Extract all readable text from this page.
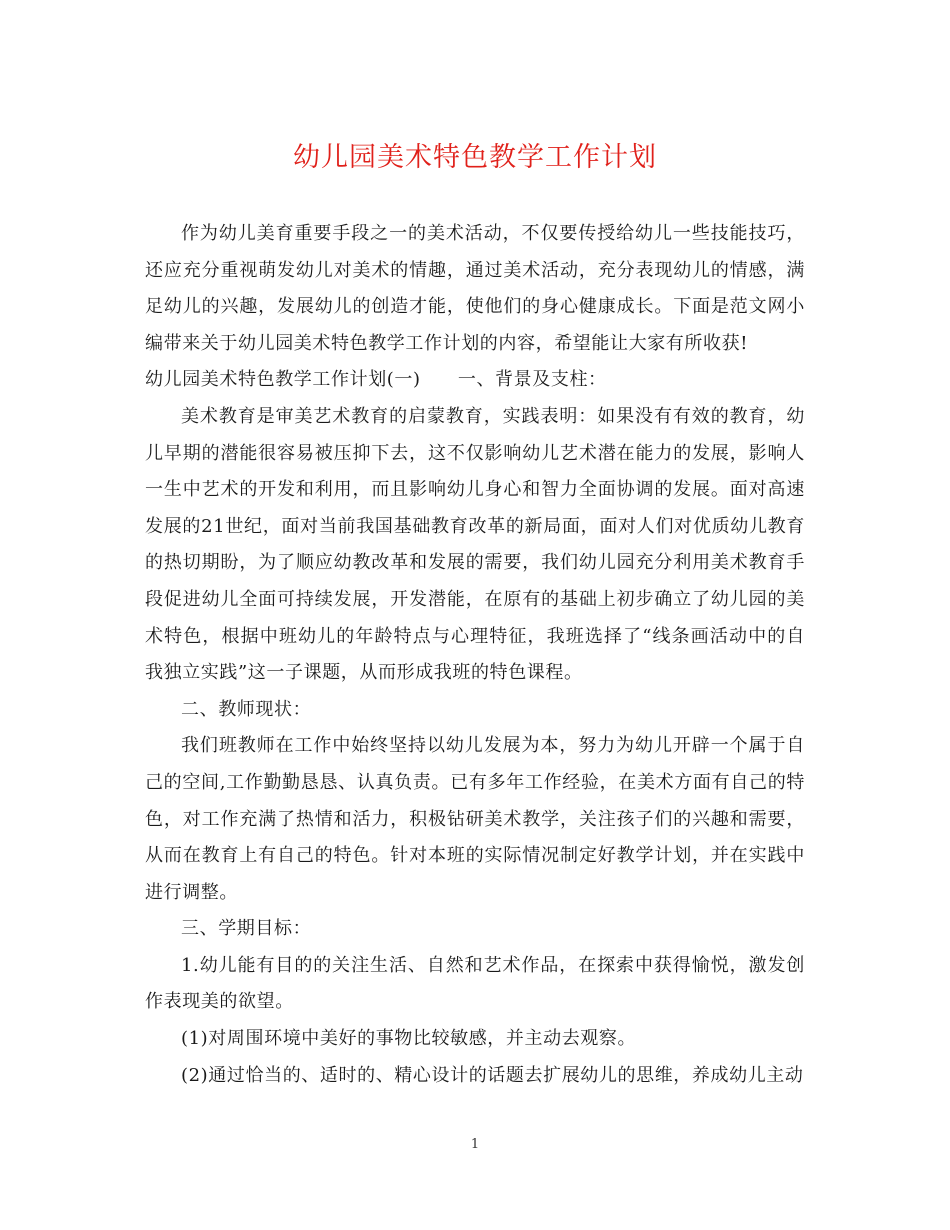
幼儿园美术特色教学工作计划

作为幼儿美育重要手段之一的美术活动，不仅要传授给幼儿一些技能技巧，还应充分重视萌发幼儿对美术的情趣，通过美术活动，充分表现幼儿的情感，满足幼儿的兴趣，发展幼儿的创造才能，使他们的身心健康成长。下面是范文网小编带来关于幼儿园美术特色教学工作计划的内容，希望能让大家有所收获!

幼儿园美术特色教学工作计划(一)　　一、背景及支柱：

美术教育是审美艺术教育的启蒙教育，实践表明：如果没有有效的教育，幼儿早期的潜能很容易被压抑下去，这不仅影响幼儿艺术潜在能力的发展，影响人一生中艺术的开发和利用，而且影响幼儿身心和智力全面协调的发展。面对高速发展的21世纪，面对当前我国基础教育改革的新局面，面对人们对优质幼儿教育的热切期盼，为了顺应幼教改革和发展的需要，我们幼儿园充分利用美术教育手段促进幼儿全面可持续发展，开发潜能，在原有的基础上初步确立了幼儿园的美术特色，根据中班幼儿的年龄特点与心理特征，我班选择了“线条画活动中的自我独立实践”这一子课题，从而形成我班的特色课程。

二、教师现状：

我们班教师在工作中始终坚持以幼儿发展为本，努力为幼儿开辟一个属于自己的空间,工作勤勤恳恳、认真负责。已有多年工作经验，在美术方面有自己的特色，对工作充满了热情和活力，积极钻研美术教学，关注孩子们的兴趣和需要，从而在教育上有自己的特色。针对本班的实际情况制定好教学计划，并在实践中进行调整。

三、学期目标：

1.幼儿能有目的的关注生活、自然和艺术作品，在探索中获得愉悦，激发创作表现美的欲望。

(1)对周围环境中美好的事物比较敏感，并主动去观察。

(2)通过恰当的、适时的、精心设计的话题去扩展幼儿的思维，养成幼儿主动

1
